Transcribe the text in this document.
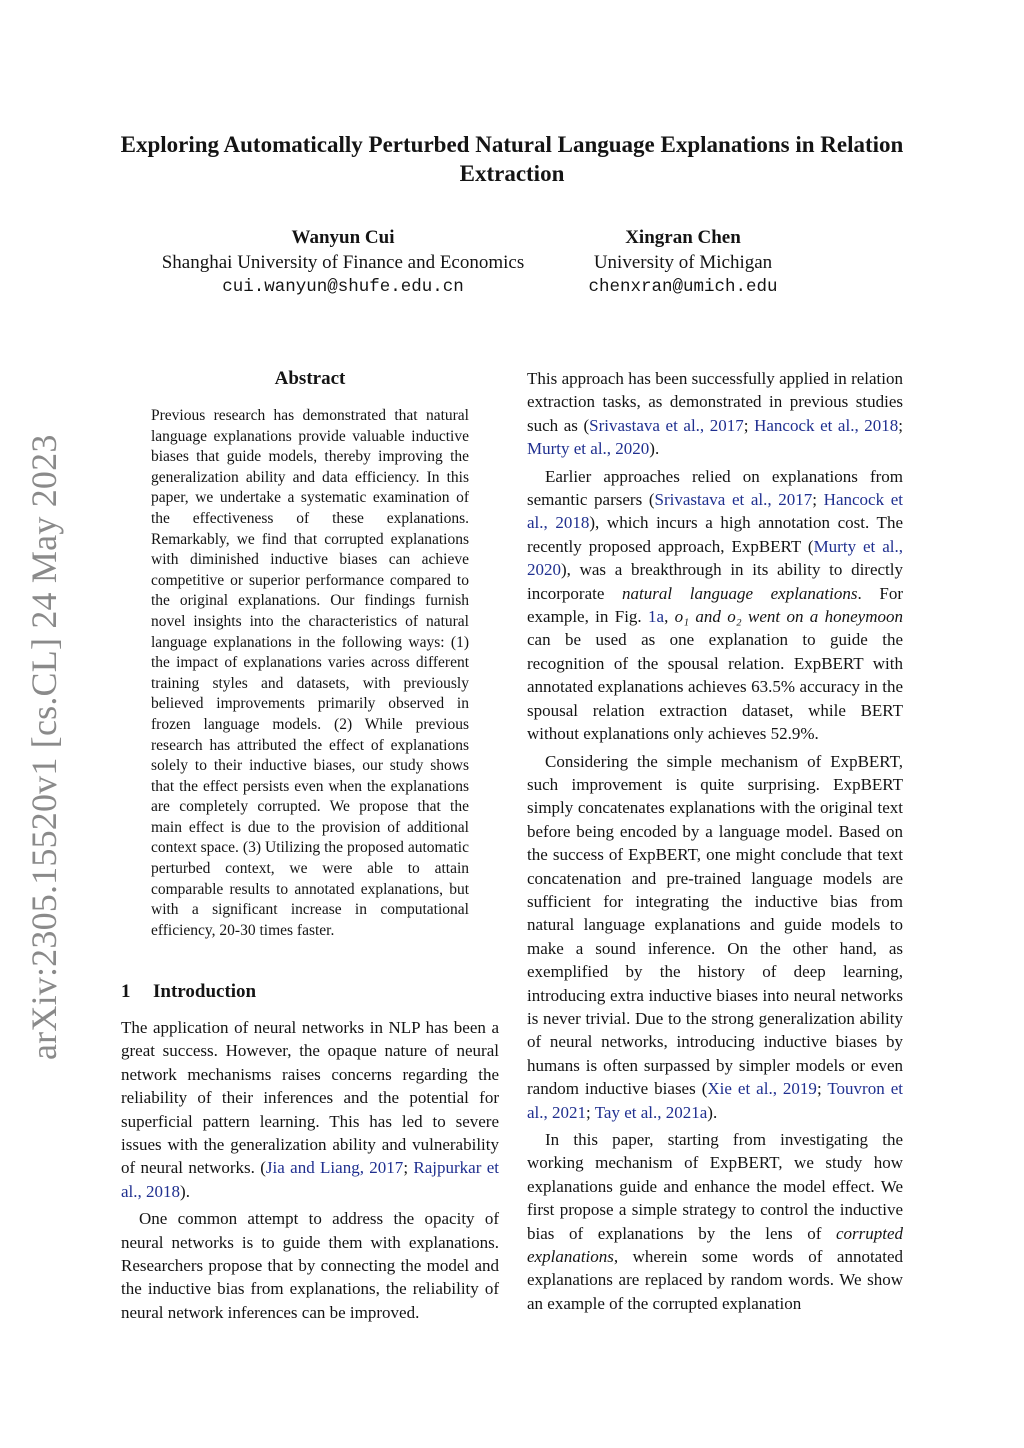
Exploring Automatically Perturbed Natural Language Explanations in Relation Extraction
Wanyun Cui
Shanghai University of Finance and Economics
cui.wanyun@shufe.edu.cn
Xingran Chen
University of Michigan
chenxran@umich.edu
arXiv:2305.15520v1 [cs.CL] 24 May 2023
Abstract

Previous research has demonstrated that natural language explanations provide valuable inductive biases that guide models, thereby improving the generalization ability and data efficiency. In this paper, we undertake a systematic examination of the effectiveness of these explanations. Remarkably, we find that corrupted explanations with diminished inductive biases can achieve competitive or superior performance compared to the original explanations. Our findings furnish novel insights into the characteristics of natural language explanations in the following ways: (1) the impact of explanations varies across different training styles and datasets, with previously believed improvements primarily observed in frozen language models. (2) While previous research has attributed the effect of explanations solely to their inductive biases, our study shows that the effect persists even when the explanations are completely corrupted. We propose that the main effect is due to the provision of additional context space. (3) Utilizing the proposed automatic perturbed context, we were able to attain comparable results to annotated explanations, but with a significant increase in computational efficiency, 20-30 times faster.

1 Introduction

The application of neural networks in NLP has been a great success. However, the opaque nature of neural network mechanisms raises concerns regarding the reliability of their inferences and the potential for superficial pattern learning. This has led to severe issues with the generalization ability and vulnerability of neural networks. (Jia and Liang, 2017; Rajpurkar et al., 2018).

One common attempt to address the opacity of neural networks is to guide them with explanations. Researchers propose that by connecting the model and the inductive bias from explanations, the reliability of neural network inferences can be improved.

This approach has been successfully applied in relation extraction tasks, as demonstrated in previous studies such as (Srivastava et al., 2017; Hancock et al., 2018; Murty et al., 2020).

Earlier approaches relied on explanations from semantic parsers (Srivastava et al., 2017; Hancock et al., 2018), which incurs a high annotation cost. The recently proposed approach, ExpBERT (Murty et al., 2020), was a breakthrough in its ability to directly incorporate natural language explanations. For example, in Fig. 1a, o₁ and o₂ went on a honeymoon can be used as one explanation to guide the recognition of the spousal relation. ExpBERT with annotated explanations achieves 63.5% accuracy in the spousal relation extraction dataset, while BERT without explanations only achieves 52.9%.

Considering the simple mechanism of ExpBERT, such improvement is quite surprising. ExpBERT simply concatenates explanations with the original text before being encoded by a language model. Based on the success of ExpBERT, one might conclude that text concatenation and pre-trained language models are sufficient for integrating the inductive bias from natural language explanations and guide models to make a sound inference. On the other hand, as exemplified by the history of deep learning, introducing extra inductive biases into neural networks is never trivial. Due to the strong generalization ability of neural networks, introducing inductive biases by humans is often surpassed by simpler models or even random inductive biases (Xie et al., 2019; Touvron et al., 2021; Tay et al., 2021a).

In this paper, starting from investigating the working mechanism of ExpBERT, we study how explanations guide and enhance the model effect. We first propose a simple strategy to control the inductive bias of explanations by the lens of corrupted explanations, wherein some words of annotated explanations are replaced by random words. We show an example of the corrupted explanation
